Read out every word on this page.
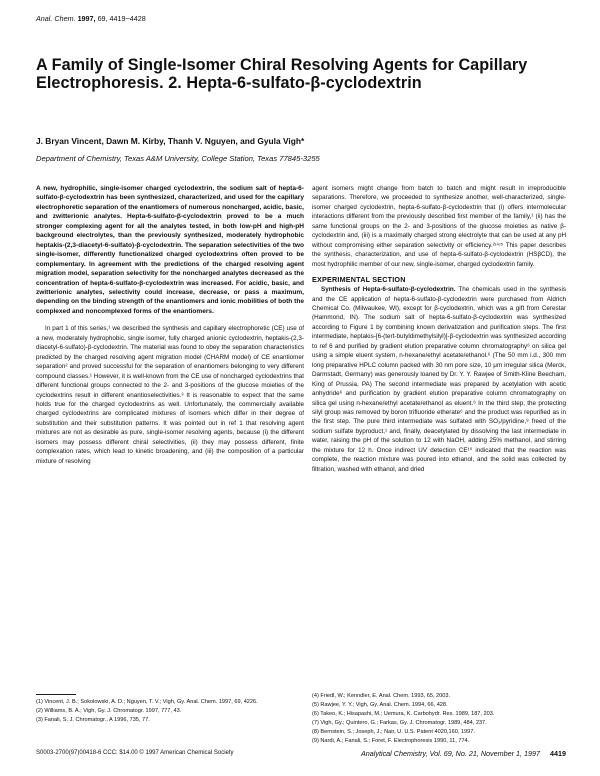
Anal. Chem. 1997, 69, 4419−4428
A Family of Single-Isomer Chiral Resolving Agents for Capillary Electrophoresis. 2. Hepta-6-sulfato-β-cyclodextrin
J. Bryan Vincent, Dawn M. Kirby, Thanh V. Nguyen, and Gyula Vigh*
Department of Chemistry, Texas A&M University, College Station, Texas 77845-3255

A new, hydrophilic, single-isomer charged cyclodextrin, the sodium salt of hepta-6-sulfato-β-cyclodextrin has been synthesized, characterized, and used for the capillary electrophoretic separation of the enantiomers of numerous noncharged, acidic, basic, and zwitterionic analytes. Hepta-6-sulfato-β-cyclodextrin proved to be a much stronger complexing agent for all the analytes tested, in both low-pH and high-pH background electrolytes, than the previously synthesized, moderately hydrophobic heptakis-(2,3-diacetyl-6-sulfato)-β-cyclodextrin. The separation selectivities of the two single-isomer, differently functionalized charged cyclodextrins often proved to be complementary. In agreement with the predictions of the charged resolving agent migration model, separation selectivity for the noncharged analytes decreased as the concentration of hepta-6-sulfato-β-cyclodextrin was increased. For acidic, basic, and zwitterionic analytes, selectivity could increase, decrease, or pass a maximum, depending on the binding strength of the enantiomers and ionic mobilities of both the complexed and noncomplexed forms of the enantiomers.

In part 1 of this series,¹ we described the synthesis and capillary electrophoretic (CE) use of a new, moderately hydrophobic, single isomer, fully charged anionic cyclodextrin, heptakis-(2,3-diacetyl-6-sulfato)-β-cyclodextrin. The material was found to obey the separation characteristics predicted by the charged resolving agent migration model (CHARM model) of CE enantiomer separation² and proved successful for the separation of enantiomers belonging to very different compound classes.¹ However, it is well-known from the CE use of noncharged cyclodextrins that different functional groups connected to the 2- and 3-positions of the glucose moieties of the cyclodextrins result in different enantioselectivities.³ It is reasonable to expect that the same holds true for the charged cyclodextrins as well. Unfortunately, the commercially available charged cyclodextrins are complicated mixtures of isomers which differ in their degree of substitution and their substitution patterns. It was pointed out in ref 1 that resolving agent mixtures are not as desirable as pure, single-isomer resolving agents, because (i) the different isomers may possess different chiral selectivities, (ii) they may possess different, finite complexation rates, which lead to kinetic broadening, and (iii) the composition of a particular mixture of resolving

agent isomers might change from batch to batch and might result in irreproducible separations. Therefore, we proceeded to synthesize another, well-characterized, single-isomer charged cyclodextrin, hepta-6-sulfato-β-cyclodextrin that (i) offers intermolecular interactions different from the previously described first member of the family,¹ (ii) has the same functional groups on the 2- and 3-positions of the glucose moieties as native β-cyclodextrin and, (iii) is a maximally charged strong electrolyte that can be used at any pH without compromising either separation selectivity or efficiency.²ʴ⁴ʴ⁵ This paper describes the synthesis, characterization, and use of hepta-6-sulfato-β-cyclodextrin (HSβCD), the most hydrophilic member of our new, single-isomer, charged cyclodextrin family.

EXPERIMENTAL SECTION

Synthesis of Hepta-6-sulfato-β-cyclodextrin. The chemicals used in the synthesis and the CE application of hepta-6-sulfato-β-cyclodextrin were purchased from Aldrich Chemical Co. (Milwaukee, WI), except for β-cyclodextrin, which was a gift from Cerestar (Hammond, IN). The sodium salt of hepta-6-sulfato-β-cyclodextrin was synthesized according to Figure 1 by combining known derivatization and purification steps. The first intermediate, heptakis-[6-(tert-butyldimethylsilyl)]-β-cyclodextrin was synthesized according to ref 6 and purified by gradient elution preparative column chromatography⁶ on silica gel using a simple eluent system, n-hexane/ethyl acetate/ethanol.⁶ (The 50 mm i.d., 300 mm long preparative HPLC column packed with 30 nm pore size, 10 μm irregular silica (Merck, Darmstadt, Germany) was generously loaned by Dr. Y. Y. Rawjee of Smith-Kline Beecham, King of Prussia, PA) The second intermediate was prepared by acetylation with acetic anhydride⁶ and purification by gradient elution preparative column chromatography on silica gel using n-hexane/ethyl acetate/ethanol as eluent.⁶ In the third step, the protecting silyl group was removed by boron trifluoride etherate⁶ and the product was repurified as in the first step. The pure third intermediate was sulfated with SO₃/pyridine,⁸ freed of the sodium sulfate byproduct,¹ and, finally, deacetylated by dissolving the last intermediate in water, raising the pH of the solution to 12 with NaOH, adding 25% methanol, and stirring the mixture for 12 h. Once indirect UV detection CE¹⁰ indicated that the reaction was complete, the reaction mixture was poured into ethanol, and the solid was collected by filtration, washed with ethanol, and dried

(1) Vincent, J. B.; Sokolowski, A. D.; Nguyen, T. V.; Vigh, Gy. Anal. Chem. 1997, 69, 4226.

(2) Williams, B. A.; Vigh, Gy. J. Chromatogr. 1997, 777, 43.

(3) Fanali, S. J. Chromatogr., A 1996, 735, 77.

(4) Friedl, W.; Kenndler, E. Anal. Chem. 1993, 65, 2003.

(5) Rawjee, Y. Y.; Vigh, Gy. Anal. Chem. 1994, 66, 428.

(6) Takeo, K.; Hisapashi, M.; Uemura, K. Carbohydr. Res. 1989, 187, 203.

(7) Vigh, Gy.; Quintero, G.; Farkas, Gy. J. Chromatogr. 1989, 484, 237.

(8) Bernstein, S.; Joseph, J.; Nair, U. U.S. Patent 4020,160, 1997.

(9) Nardi, A.; Fanali, S.; Foret, F. Electrophoresis 1990, 11, 774.

S0003-2700(97)00418-6 CCC: $14.00 © 1997 American Chemical Society	Analytical Chemistry, Vol. 69, No. 21, November 1, 1997 4419
